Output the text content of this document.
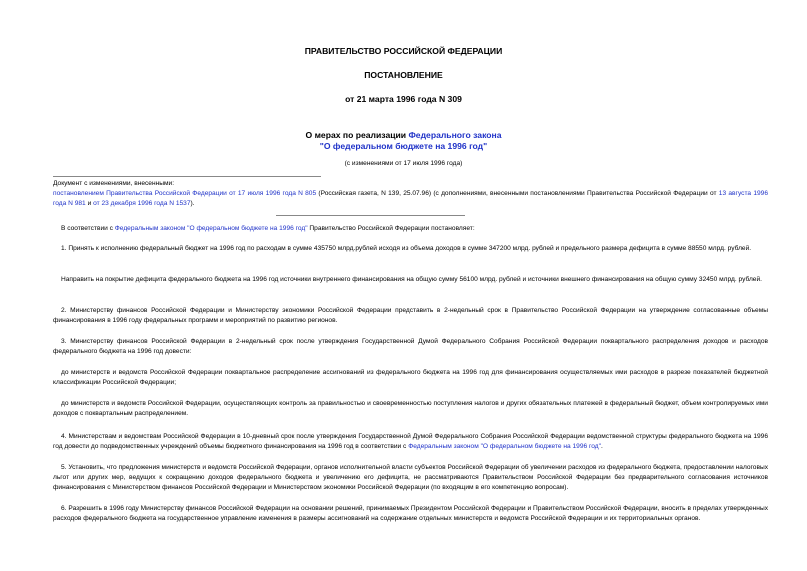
ПРАВИТЕЛЬСТВО РОССИЙСКОЙ ФЕДЕРАЦИИ
ПОСТАНОВЛЕНИЕ
от 21 марта 1996 года N 309
О мерах по реализации Федерального закона
"О федеральном бюджете на 1996 год"
(с изменениями от 17 июля 1996 года)
Документ с изменениями, внесенными:
постановлением Правительства Российской Федерации от 17 июля 1996 года N 805 (Российская газета, N 139, 25.07.96) (с дополнениями, внесенными постановлениями Правительства Российской Федерации от 13 августа 1996 года N 981 и от 23 декабря 1996 года N 1537).
В соответствии с Федеральным законом "О федеральном бюджете на 1996 год" Правительство Российской Федерации постановляет:
1. Принять к исполнению федеральный бюджет на 1996 год по расходам в сумме 435750 млрд.рублей исходя из объема доходов в сумме 347200 млрд. рублей и предельного размера дефицита в сумме 88550 млрд. рублей.
Направить на покрытие дефицита федерального бюджета на 1996 год источники внутреннего финансирования на общую сумму 56100 млрд. рублей и источники внешнего финансирования на общую сумму 32450 млрд. рублей.
2. Министерству финансов Российской Федерации и Министерству экономики Российской Федерации представить в 2-недельный срок в Правительство Российской Федерации на утверждение согласованные объемы финансирования в 1996 году федеральных программ и мероприятий по развитию регионов.
3. Министерству финансов Российской Федерации в 2-недельный срок после утверждения Государственной Думой Федерального Собрания Российской Федерации поквартального распределения доходов и расходов федерального бюджета на 1996 год довести:
до министерств и ведомств Российской Федерации поквартальное распределение ассигнований из федерального бюджета на 1996 год для финансирования осуществляемых ими расходов в разрезе показателей бюджетной классификации Российской Федерации;
до министерств и ведомств Российской Федерации, осуществляющих контроль за правильностью и своевременностью поступления налогов и других обязательных платежей в федеральный бюджет, объем контролируемых ими доходов с поквартальным распределением.
4. Министерствам и ведомствам Российской Федерации в 10-дневный срок после утверждения Государственной Думой Федерального Собрания Российской Федерации ведомственной структуры федерального бюджета на 1996 год довести до подведомственных учреждений объемы бюджетного финансирования на 1996 год в соответствии с Федеральным законом "О федеральном бюджете на 1996 год".
5. Установить, что предложения министерств и ведомств Российской Федерации, органов исполнительной власти субъектов Российской Федерации об увеличении расходов из федерального бюджета, предоставлении налоговых льгот или других мер, ведущих к сокращению доходов федерального бюджета и увеличению его дефицита, не рассматриваются Правительством Российской Федерации без предварительного согласования источников финансирования с Министерством финансов Российской Федерации и Министерством экономики Российской Федерации (по входящим в его компетенцию вопросам).
6. Разрешить в 1996 году Министерству финансов Российской Федерации на основании решений, принимаемых Президентом Российской Федерации и Правительством Российской Федерации, вносить в пределах утвержденных расходов федерального бюджета на государственное управление изменения в размеры ассигнований на содержание отдельных министерств и ведомств Российской Федерации и их территориальных органов.
